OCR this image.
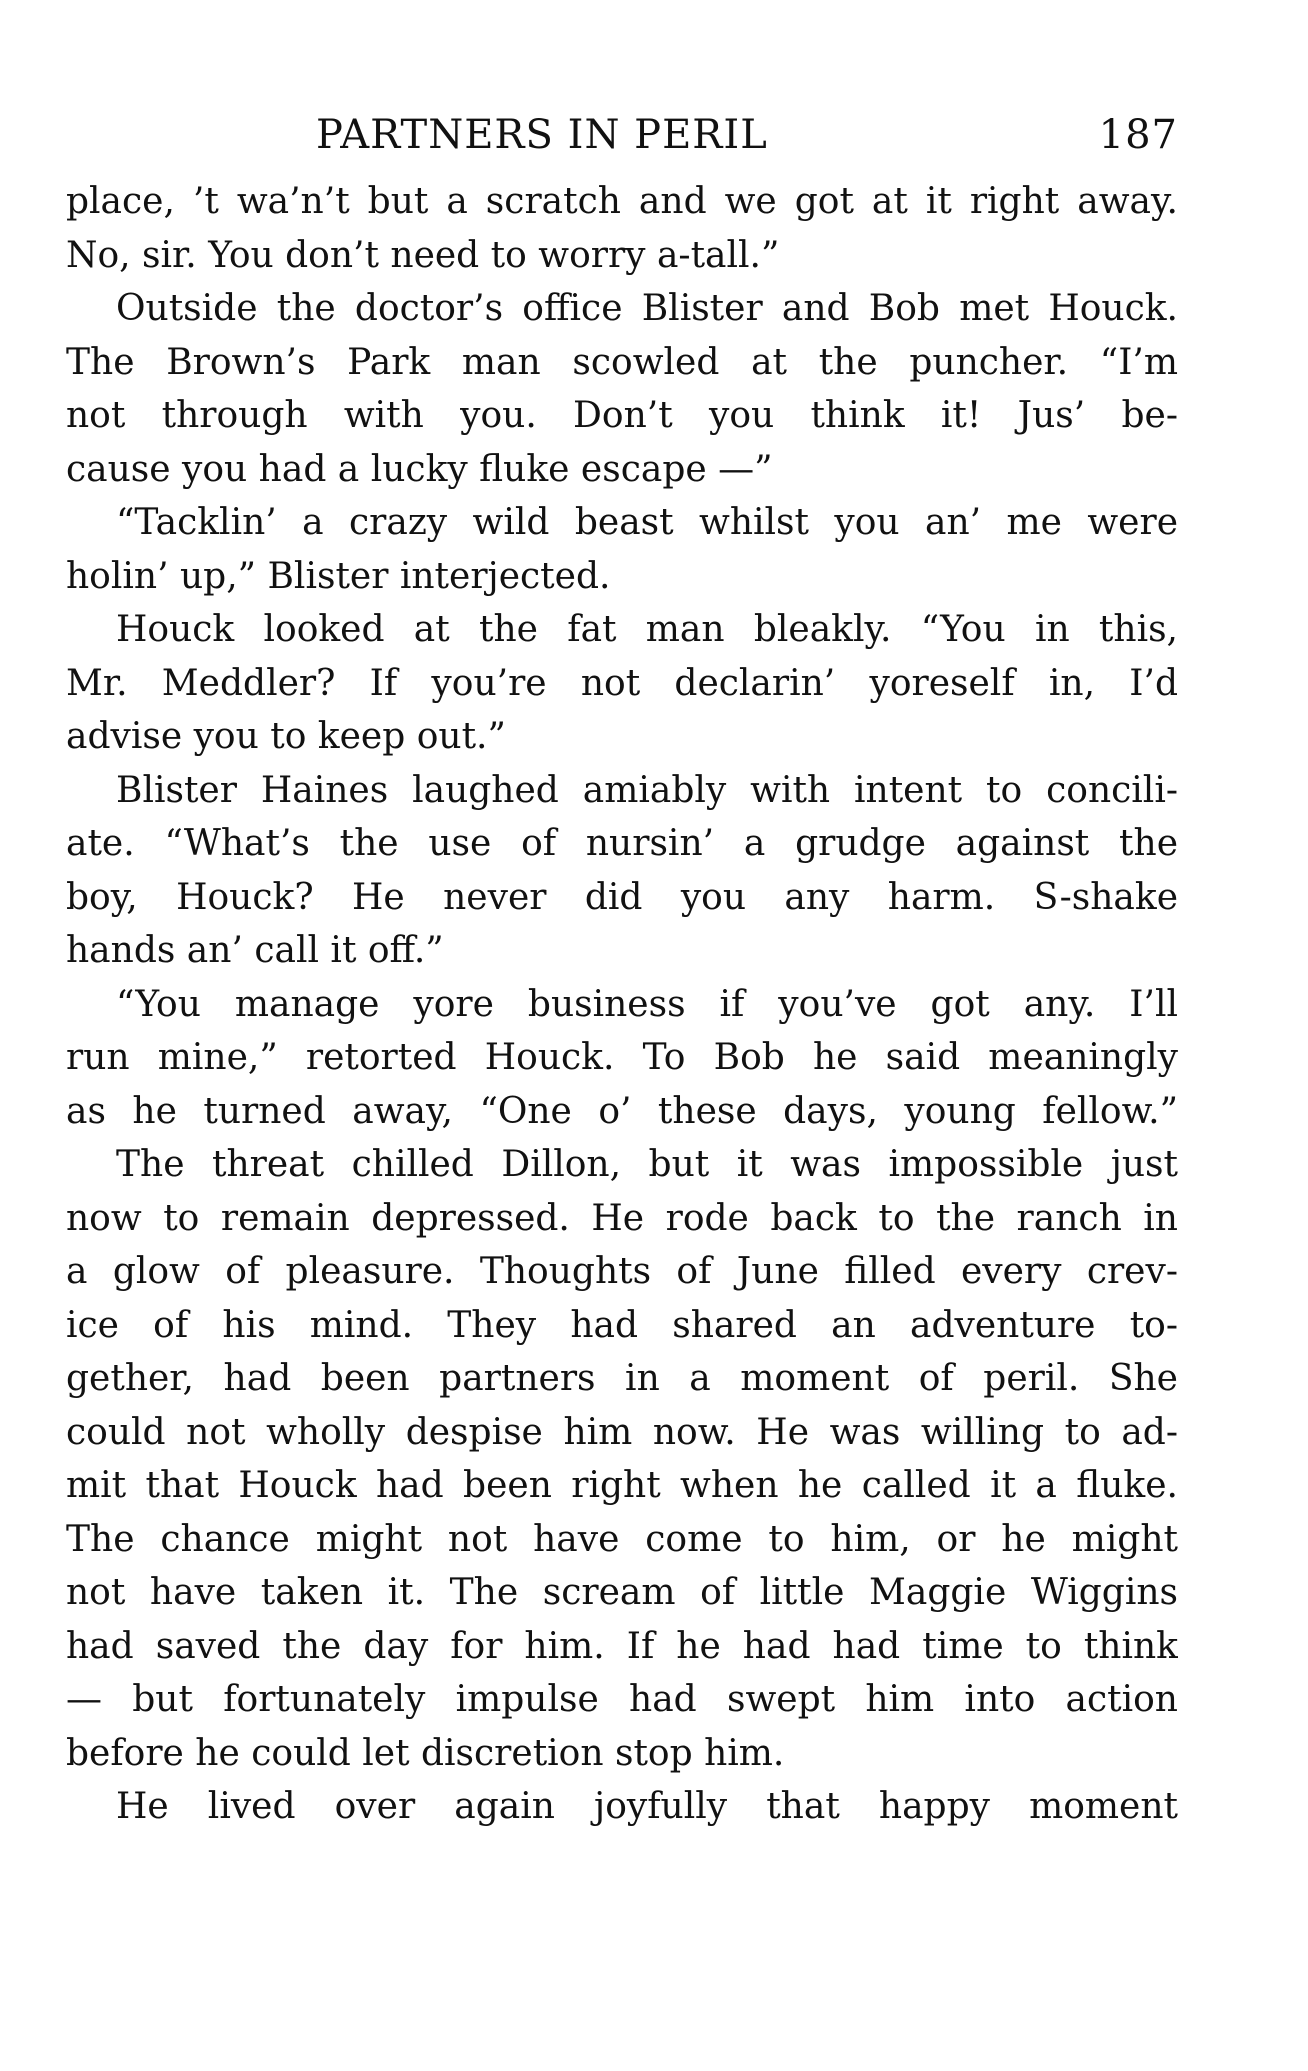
PARTNERS IN PERIL	187
place, ’t wa’n’t but a scratch and we got at it right away.
No, sir. You don’t need to worry a-tall.”
Outside the doctor’s office Blister and Bob met Houck.
The Brown’s Park man scowled at the puncher. “I’m
not through with you. Don’t you think it! Jus’ be-
cause you had a lucky fluke escape —”
“Tacklin’ a crazy wild beast whilst you an’ me were
holin’ up,” Blister interjected.
Houck looked at the fat man bleakly. “You in this,
Mr. Meddler? If you’re not declarin’ yoreself in, I’d
advise you to keep out.”
Blister Haines laughed amiably with intent to concili-
ate. “What’s the use of nursin’ a grudge against the
boy, Houck? He never did you any harm. S-shake
hands an’ call it off.”
“You manage yore business if you’ve got any. I’ll
run mine,” retorted Houck. To Bob he said meaningly
as he turned away, “One o’ these days, young fellow.”
The threat chilled Dillon, but it was impossible just
now to remain depressed. He rode back to the ranch in
a glow of pleasure. Thoughts of June filled every crev-
ice of his mind. They had shared an adventure to-
gether, had been partners in a moment of peril. She
could not wholly despise him now. He was willing to ad-
mit that Houck had been right when he called it a fluke.
The chance might not have come to him, or he might
not have taken it. The scream of little Maggie Wiggins
had saved the day for him. If he had had time to think
— but fortunately impulse had swept him into action
before he could let discretion stop him.
He lived over again joyfully that happy moment
